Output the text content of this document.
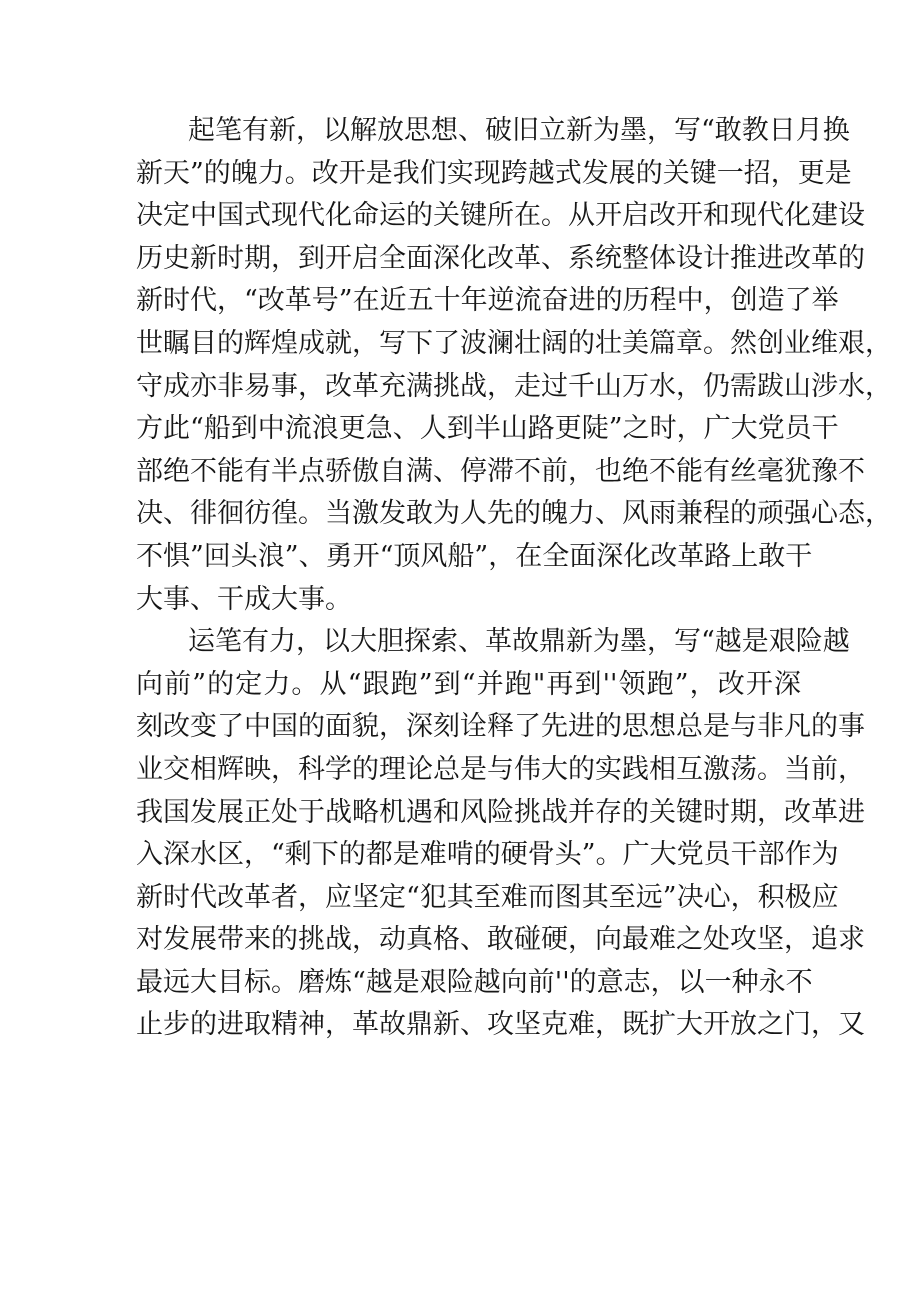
起笔有新，以解放思想、破旧立新为墨，写“敢教日月换
新天”的魄力。改开是我们实现跨越式发展的关键一招，更是
决定中国式现代化命运的关键所在。从开启改开和现代化建设
历史新时期，到开启全面深化改革、系统整体设计推进改革的
新时代，“改革号”在近五十年逆流奋进的历程中，创造了举
世瞩目的辉煌成就，写下了波澜壮阔的壮美篇章。然创业维艰，
守成亦非易事，改革充满挑战，走过千山万水，仍需跋山涉水，
方此“船到中流浪更急、人到半山路更陡”之时，广大党员干
部绝不能有半点骄傲自满、停滞不前，也绝不能有丝毫犹豫不
决、徘徊彷徨。当激发敢为人先的魄力、风雨兼程的顽强心态，
不惧”回头浪”、勇开“顶风船”，在全面深化改革路上敢干
大事、干成大事。
运笔有力，以大胆探索、革故鼎新为墨，写“越是艰险越
向前”的定力。从“跟跑”到“并跑"再到''领跑”，改开深
刻改变了中国的面貌，深刻诠释了先进的思想总是与非凡的事
业交相辉映，科学的理论总是与伟大的实践相互激荡。当前，
我国发展正处于战略机遇和风险挑战并存的关键时期，改革进
入深水区，“剩下的都是难啃的硬骨头”。广大党员干部作为
新时代改革者，应坚定“犯其至难而图其至远”决心，积极应
对发展带来的挑战，动真格、敢碰硬，向最难之处攻坚，追求
最远大目标。磨炼“越是艰险越向前''的意志，以一种永不
止步的进取精神，革故鼎新、攻坚克难，既扩大开放之门，又
